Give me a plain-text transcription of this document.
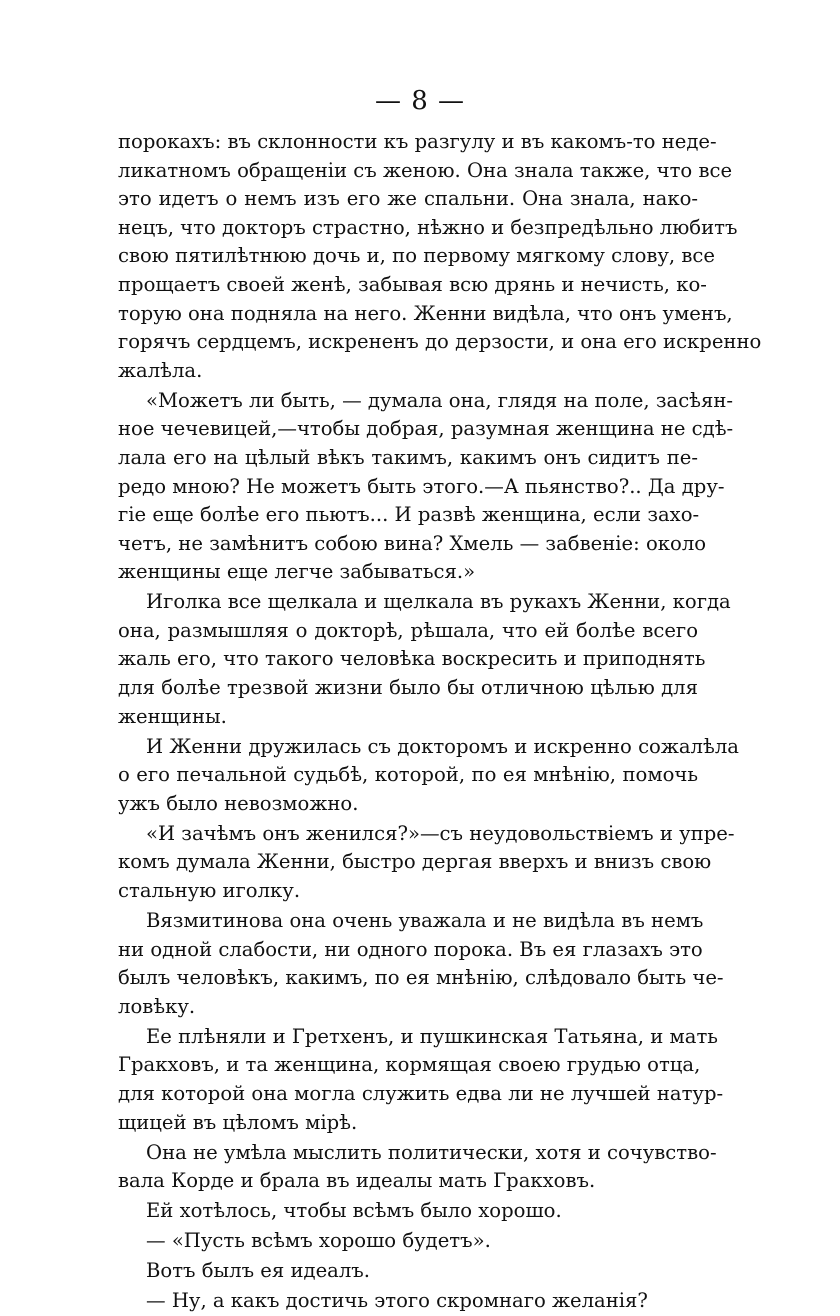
— 8 —
порокахъ: въ склонности къ разгулу и въ какомъ-то неде-
ликатномъ обращенiи съ женою. Она знала также, что все
это идетъ о немъ изъ его же спальни. Она знала, нако-
нецъ, что докторъ страстно, нѣжно и безпредѣльно любитъ
свою пятилѣтнюю дочь и, по первому мягкому слову, все
прощаетъ своей женѣ, забывая всю дрянь и нечисть, ко-
торую она подняла на него. Женни видѣла, что онъ уменъ,
горячъ сердцемъ, искрененъ до дерзости, и она его искренно
жалѣла.
«Можетъ ли быть, — думала она, глядя на поле, засѣян-
ное чечевицей,—чтобы добрая, разумная женщина не сдѣ-
лала его на цѣлый вѣкъ такимъ, какимъ онъ сидитъ пе-
редо мною? Не можетъ быть этого.—А пьянство?.. Да дру-
гiе еще болѣе его пьютъ... И развѣ женщина, если захо-
четъ, не замѣнитъ собою вина? Хмель — забвенiе: около
женщины еще легче забываться.»
Иголка все щелкала и щелкала въ рукахъ Женни, когда
она, размышляя о докторѣ, рѣшала, что ей болѣе всего
жаль его, что такого человѣка воскресить и приподнять
для болѣе трезвой жизни было бы отличною цѣлью для
женщины.
И Женни дружилась съ докторомъ и искренно сожалѣла
о его печальной судьбѣ, которой, по ея мнѣнiю, помочь
ужъ было невозможно.
«И зачѣмъ онъ женился?»—съ неудовольствiемъ и упре-
комъ думала Женни, быстро дергая вверхъ и внизъ свою
стальную иголку.
Вязмитинова она очень уважала и не видѣла въ немъ
ни одной слабости, ни одного порока. Въ ея глазахъ это
былъ человѣкъ, какимъ, по ея мнѣнiю, слѣдовало быть че-
ловѣку.
Ее плѣняли и Гретхенъ, и пушкинская Татьяна, и мать
Гракховъ, и та женщина, кормящая своею грудью отца,
для которой она могла служить едва ли не лучшей натур-
щицей въ цѣломъ мiрѣ.
Она не умѣла мыслить политически, хотя и сочувство-
вала Корде и брала въ идеалы мать Гракховъ.
Ей хотѣлось, чтобы всѣмъ было хорошо.
— «Пусть всѣмъ хорошо будетъ».
Вотъ былъ ея идеалъ.
— Ну, а какъ достичь этого скромнаго желанiя?
